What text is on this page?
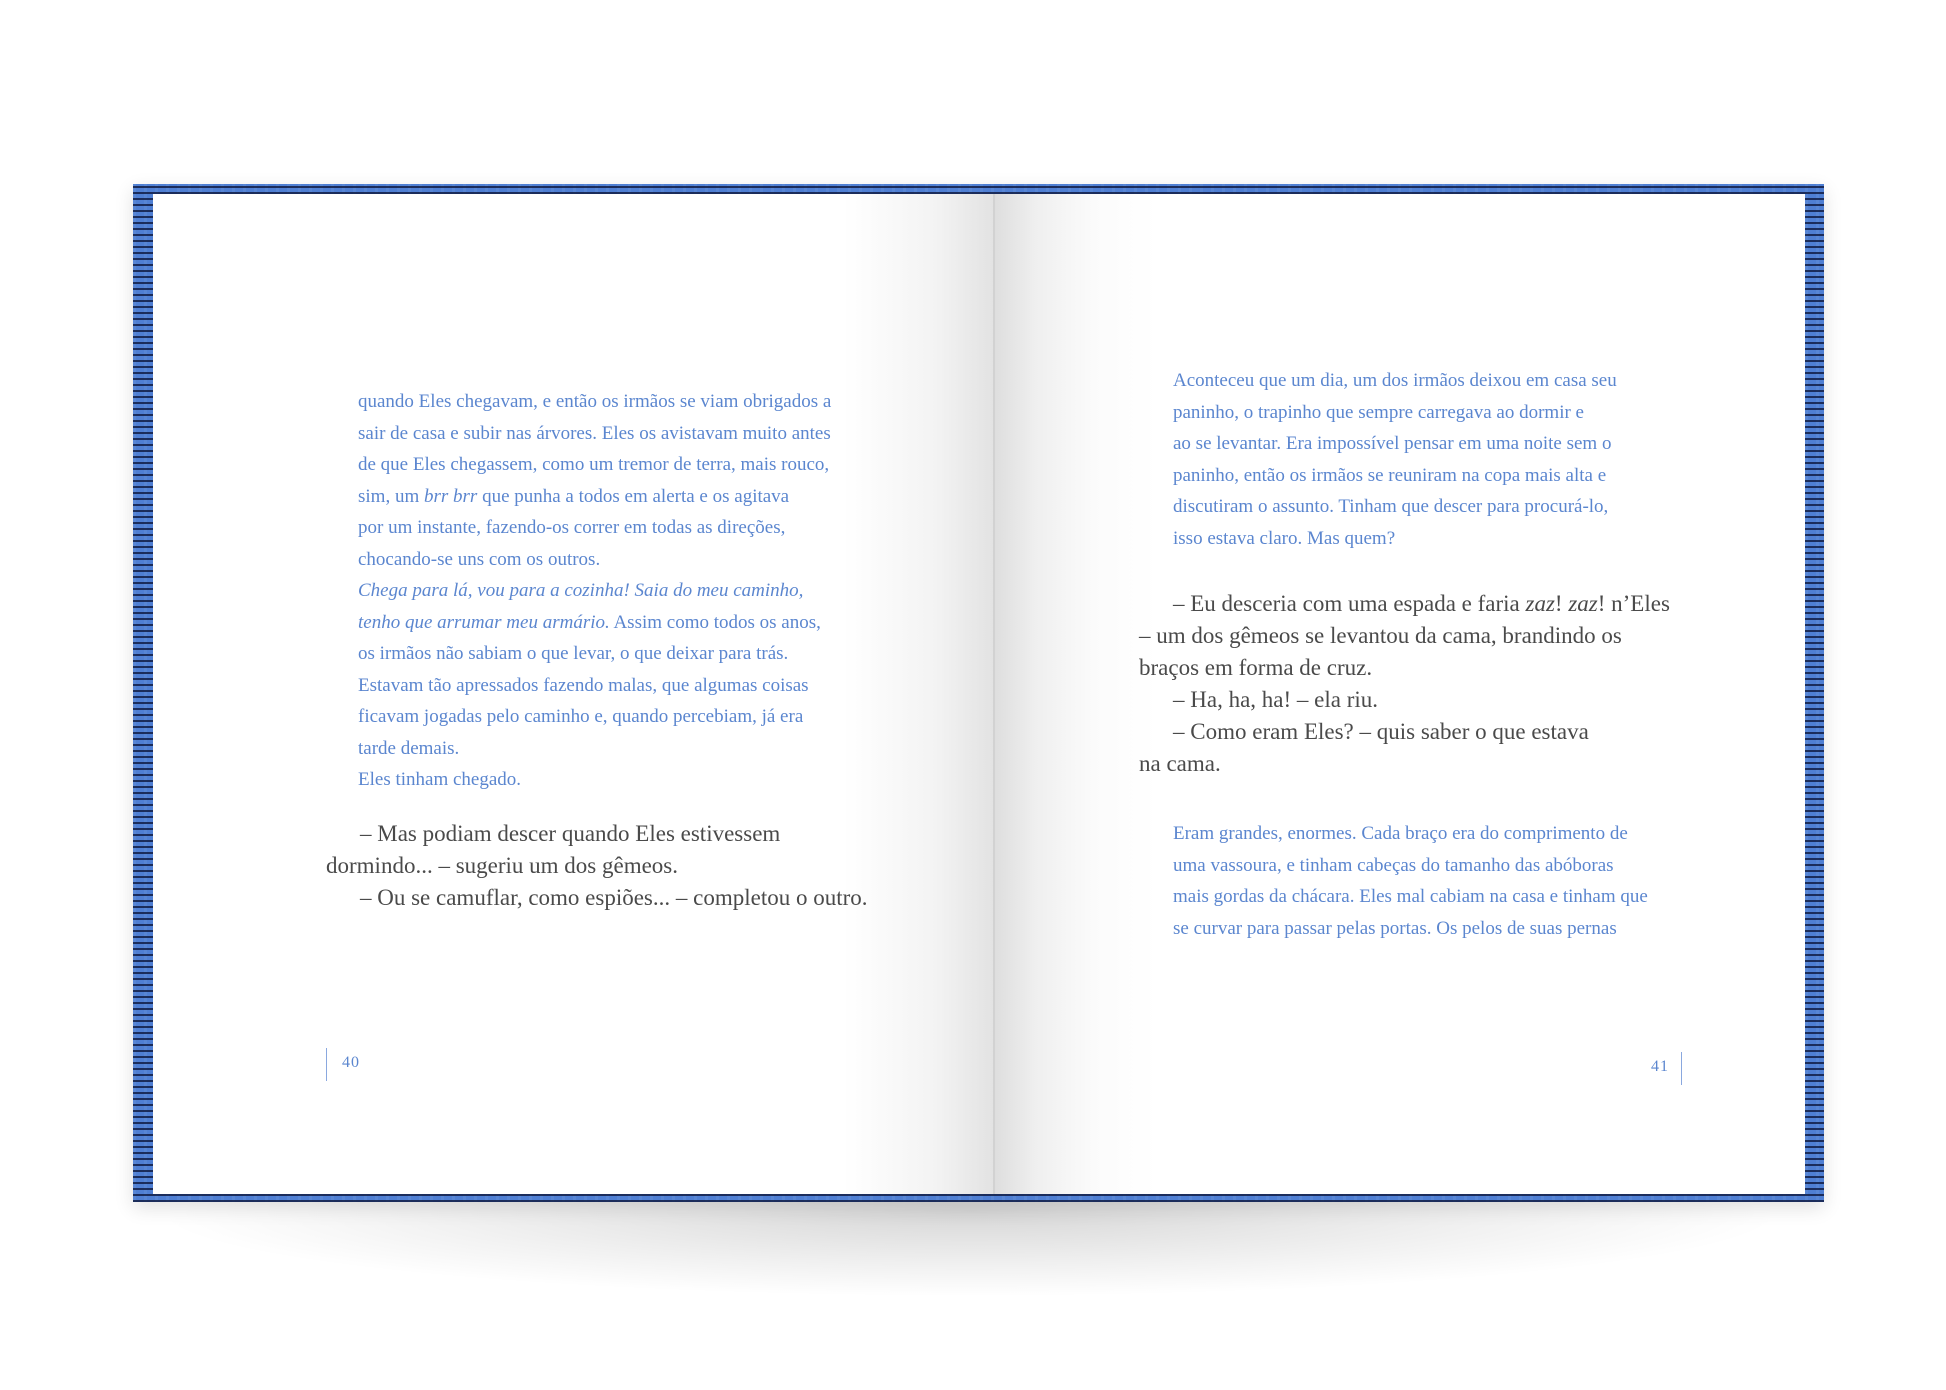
quando Eles chegavam, e então os irmãos se viam obrigados a
sair de casa e subir nas árvores. Eles os avistavam muito antes
de que Eles chegassem, como um tremor de terra, mais rouco,
sim, um brr brr que punha a todos em alerta e os agitava
por um instante, fazendo-os correr em todas as direções,
chocando-se uns com os outros.
Chega para lá, vou para a cozinha! Saia do meu caminho,
tenho que arrumar meu armário. Assim como todos os anos,
os irmãos não sabiam o que levar, o que deixar para trás.
Estavam tão apressados fazendo malas, que algumas coisas
ficavam jogadas pelo caminho e, quando percebiam, já era
tarde demais.
Eles tinham chegado.
– Mas podiam descer quando Eles estivessem
dormindo... – sugeriu um dos gêmeos.
– Ou se camuflar, como espiões... – completou o outro.
40
Aconteceu que um dia, um dos irmãos deixou em casa seu
paninho, o trapinho que sempre carregava ao dormir e
ao se levantar. Era impossível pensar em uma noite sem o
paninho, então os irmãos se reuniram na copa mais alta e
discutiram o assunto. Tinham que descer para procurá-lo,
isso estava claro. Mas quem?
– Eu desceria com uma espada e faria zaz! zaz! n’Eles
– um dos gêmeos se levantou da cama, brandindo os
braços em forma de cruz.
– Ha, ha, ha! – ela riu.
– Como eram Eles? – quis saber o que estava
na cama.
Eram grandes, enormes. Cada braço era do comprimento de
uma vassoura, e tinham cabeças do tamanho das abóboras
mais gordas da chácara. Eles mal cabiam na casa e tinham que
se curvar para passar pelas portas. Os pelos de suas pernas
41
